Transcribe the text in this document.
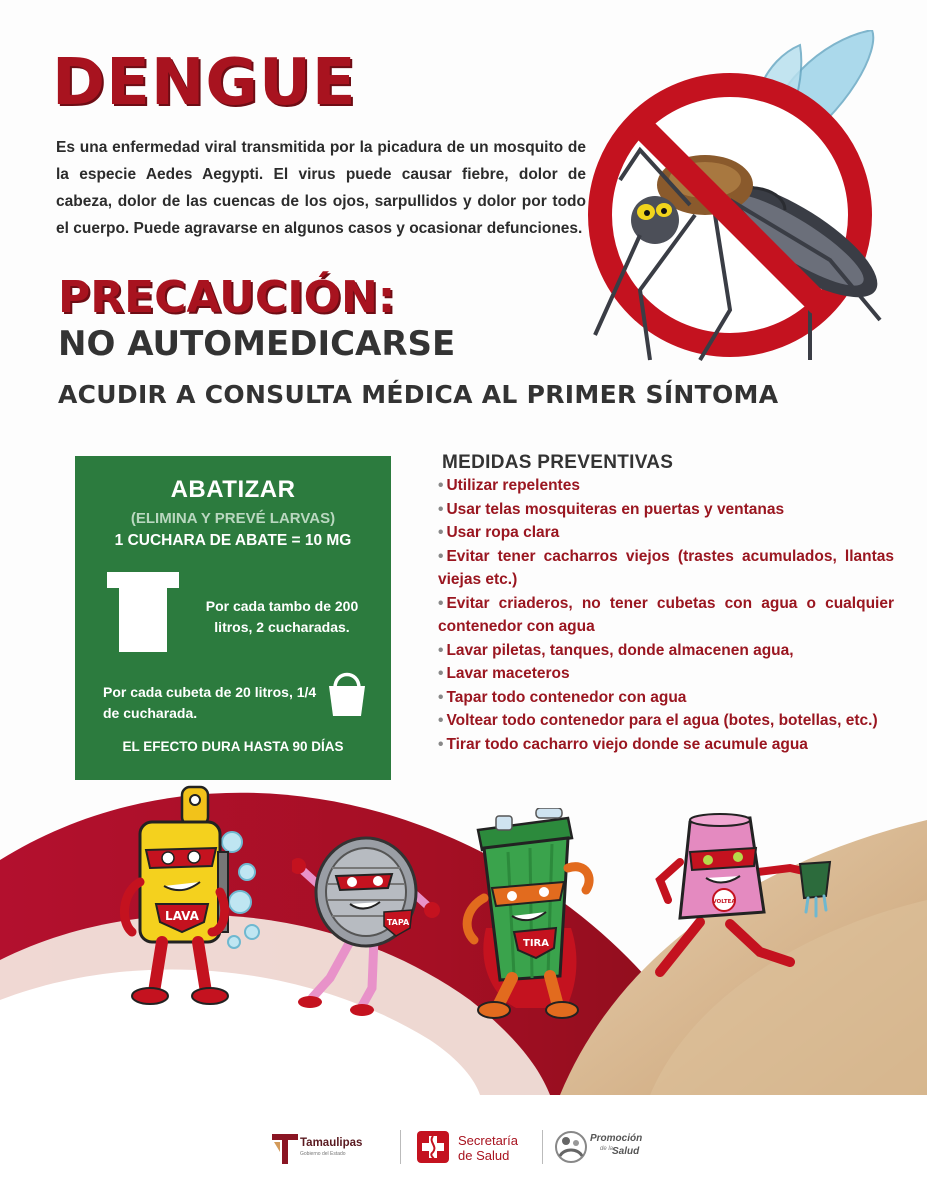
DENGUE

Es una enfermedad viral transmitida por la picadura de un mosquito de la especie Aedes Aegypti. El virus puede causar fiebre, dolor de cabeza, dolor de las cuencas de los ojos, sarpullidos y dolor por todo el cuerpo. Puede agravarse en algunos casos y ocasionar defunciones.

PRECAUCIÓN:
NO AUTOMEDICARSE
ACUDIR A CONSULTA MÉDICA AL PRIMER SÍNTOMA
ABATIZAR
(ELIMINA Y PREVÉ LARVAS)
1 CUCHARA DE ABATE = 10 MG
Por cada tambo de 200 litros, 2 cucharadas.
Por cada cubeta de 20 litros, 1/4 de cucharada.
EL EFECTO DURA HASTA 90 DÍAS
MEDIDAS PREVENTIVAS
• Utilizar repelentes
• Usar telas mosquiteras en puertas y ventanas
• Usar ropa clara
• Evitar tener cacharros viejos (trastes acumulados, llantas viejas etc.)
• Evitar criaderos, no tener cubetas con agua o cualquier contenedor con agua
• Lavar piletas, tanques, donde almacenen agua,
• Lavar maceteros
• Tapar todo contenedor con agua
• Voltear todo contenedor para el agua (botes, botellas, etc.)
• Tirar todo cacharro viejo donde se acumule agua
LAVA	TAPA
TIRA
VOLTEA
Tamaulipas
Gobierno del Estado
Secretaría
de Salud
Promoción
de la
Salud
